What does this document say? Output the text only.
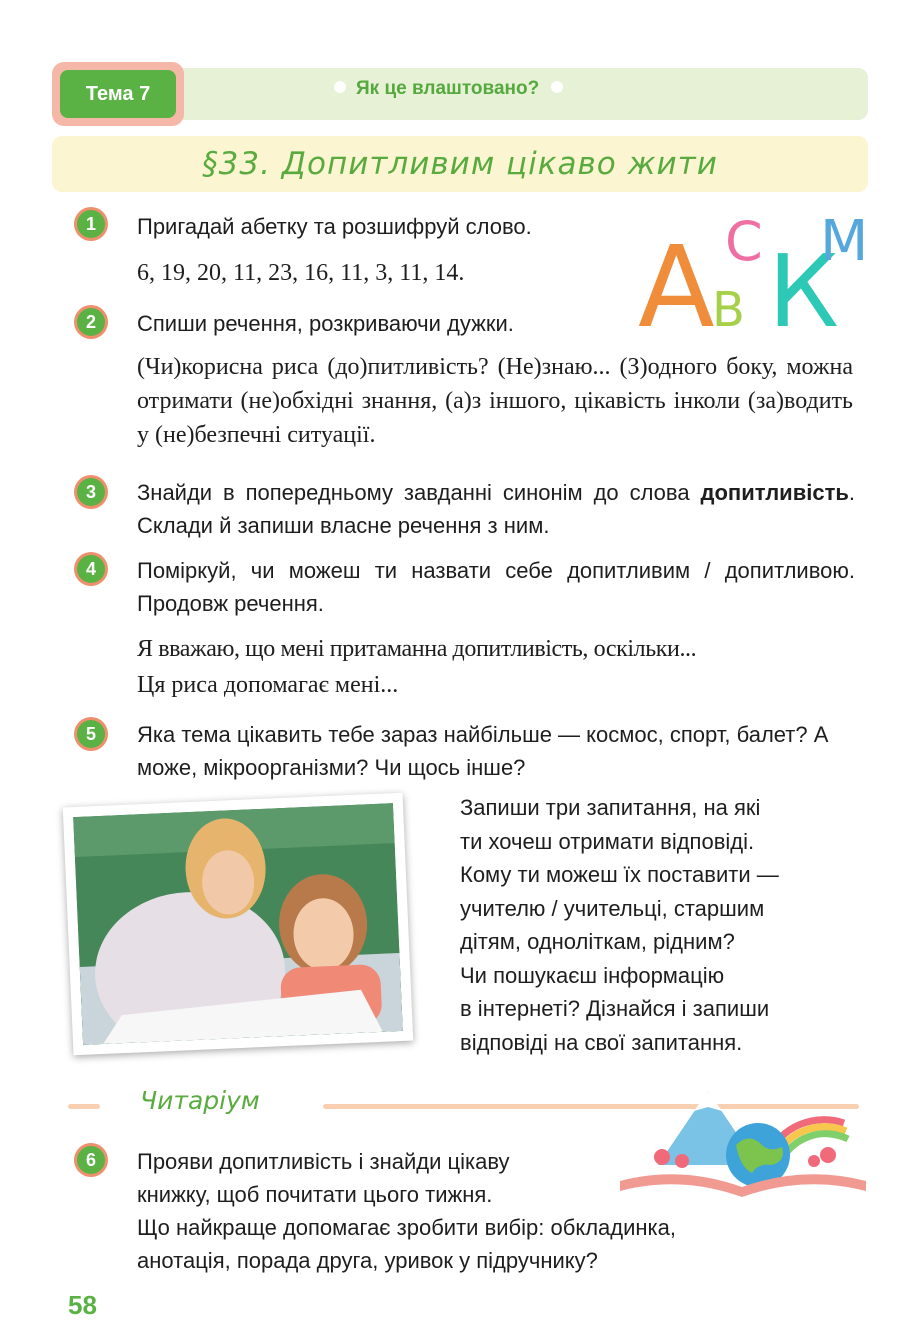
Тема 7	Як це влаштовано?
§33. Допитливим цікаво жити
1	Пригадай абетку та розшифруй слово.
6, 19, 20, 11, 23, 16, 11, 3, 11, 14.	А
В
С К
М
2	Спиши речення, розкриваючи дужки.
(Чи)корисна риса (до)питливість? (Не)знаю... (З)одного боку, можна отримати (не)обхідні знання, (а)з іншого, цікавість інколи (за)водить у (не)безпечні ситуації.
3	Знайди в попередньому завданні синонім до слова допитливість. Склади й запиши власне речення з ним.
4	Поміркуй, чи можеш ти назвати себе допитливим / допитливою. Продовж речення.
Я вважаю, що мені притаманна допитливість, оскільки...
Ця риса допомагає мені...
5	Яка тема цікавить тебе зараз найбільше — космос, спорт, балет? А може, мікроорганізми? Чи щось інше?
Запиши три запитання, на які
ти хочеш отримати відповіді.
Кому ти можеш їх поставити —
учителю / учительці, старшим
дітям, одноліткам, рідним?
Чи пошукаєш інформацію
в інтернеті? Дізнайся і запиши
відповіді на свої запитання.
Читаріум
6	Прояви допитливість і знайди цікаву
книжку, щоб почитати цього тижня.
Що найкраще допомагає зробити вибір: обкладинка,
анотація, порада друга, уривок у підручнику?
58
